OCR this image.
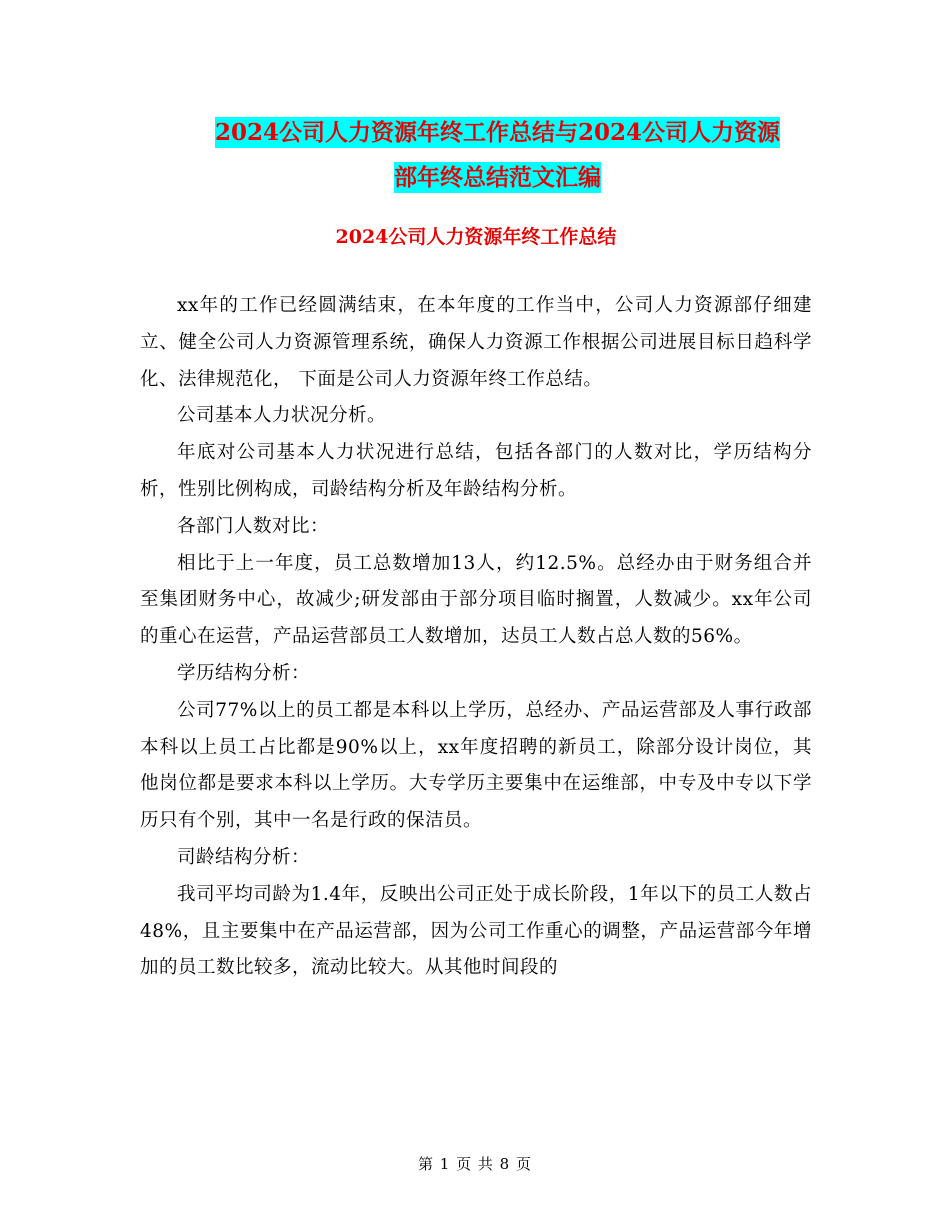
2024公司人力资源年终工作总结与2024公司人力资源
部年终总结范文汇编
2024公司人力资源年终工作总结

xx年的工作已经圆满结束，在本年度的工作当中，公司人力资源部仔细建立、健全公司人力资源管理系统，确保人力资源工作根据公司进展目标日趋科学化、法律规范化， 下面是公司人力资源年终工作总结。

公司基本人力状况分析。

年底对公司基本人力状况进行总结，包括各部门的人数对比，学历结构分析，性别比例构成，司龄结构分析及年龄结构分析。

各部门人数对比：

相比于上一年度，员工总数增加13人，约12.5%。总经办由于财务组合并至集团财务中心，故减少;研发部由于部分项目临时搁置，人数减少。xx年公司的重心在运营，产品运营部员工人数增加，达员工人数占总人数的56%。

学历结构分析：

公司77%以上的员工都是本科以上学历，总经办、产品运营部及人事行政部本科以上员工占比都是90%以上，xx年度招聘的新员工，除部分设计岗位，其他岗位都是要求本科以上学历。大专学历主要集中在运维部，中专及中专以下学历只有个别，其中一名是行政的保洁员。

司龄结构分析：

我司平均司龄为1.4年，反映出公司正处于成长阶段，1年以下的员工人数占48%，且主要集中在产品运营部，因为公司工作重心的调整，产品运营部今年增加的员工数比较多，流动比较大。从其他时间段的

第 1 页 共 8 页
